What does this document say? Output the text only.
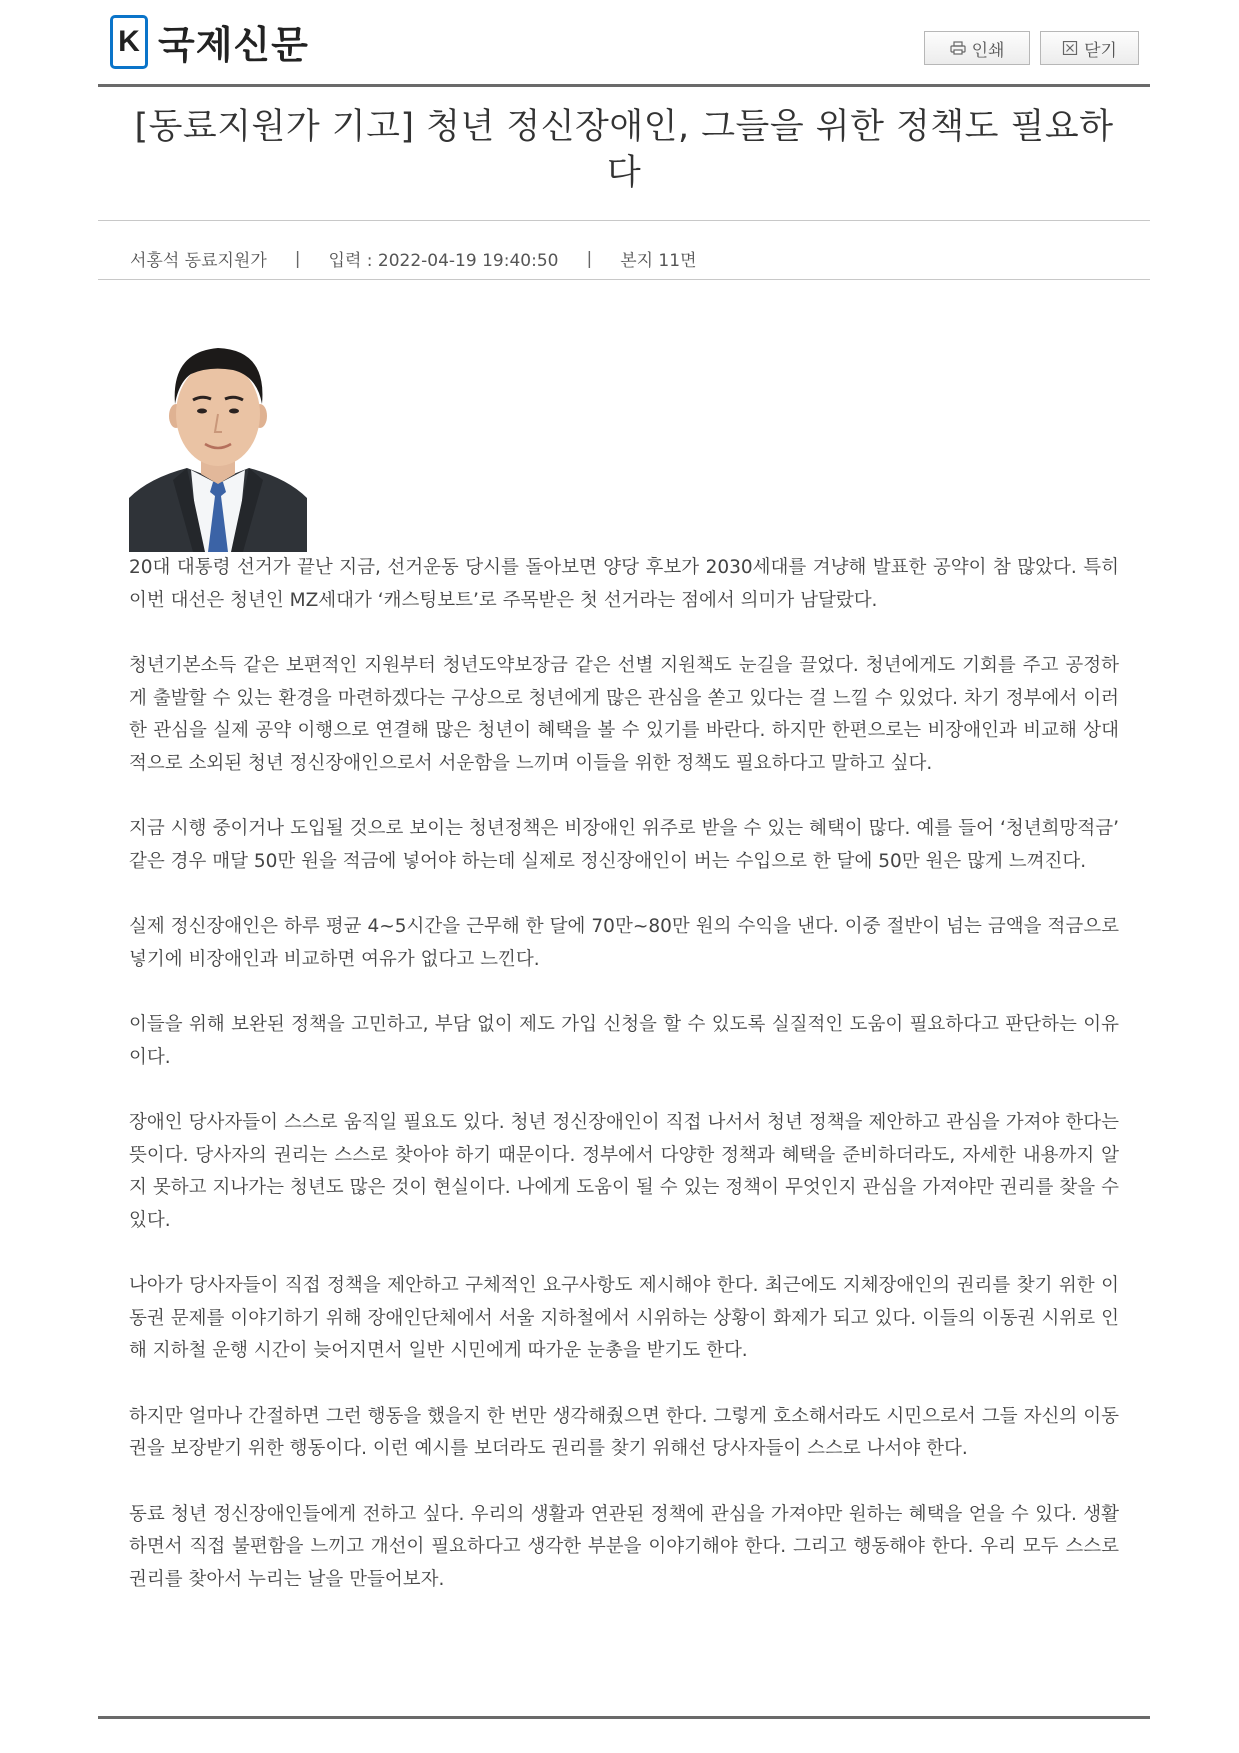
K 국제신문	인쇄	닫기
[동료지원가 기고] 청년 정신장애인, 그들을 위한 정책도 필요하다
서홍석 동료지원가 | 입력 : 2022-04-19 19:40:50 | 본지 11면

20대 대통령 선거가 끝난 지금, 선거운동 당시를 돌아보면 양당 후보가 2030세대를 겨냥해 발표한 공약이 참 많았다. 특히 이번 대선은 청년인 MZ세대가 ‘캐스팅보트’로 주목받은 첫 선거라는 점에서 의미가 남달랐다.

청년기본소득 같은 보편적인 지원부터 청년도약보장금 같은 선별 지원책도 눈길을 끌었다. 청년에게도 기회를 주고 공정하게 출발할 수 있는 환경을 마련하겠다는 구상으로 청년에게 많은 관심을 쏟고 있다는 걸 느낄 수 있었다. 차기 정부에서 이러한 관심을 실제 공약 이행으로 연결해 많은 청년이 혜택을 볼 수 있기를 바란다. 하지만 한편으로는 비장애인과 비교해 상대적으로 소외된 청년 정신장애인으로서 서운함을 느끼며 이들을 위한 정책도 필요하다고 말하고 싶다.

지금 시행 중이거나 도입될 것으로 보이는 청년정책은 비장애인 위주로 받을 수 있는 혜택이 많다. 예를 들어 ‘청년희망적금’ 같은 경우 매달 50만 원을 적금에 넣어야 하는데 실제로 정신장애인이 버는 수입으로 한 달에 50만 원은 많게 느껴진다.

실제 정신장애인은 하루 평균 4~5시간을 근무해 한 달에 70만~80만 원의 수익을 낸다. 이중 절반이 넘는 금액을 적금으로 넣기에 비장애인과 비교하면 여유가 없다고 느낀다.

이들을 위해 보완된 정책을 고민하고, 부담 없이 제도 가입 신청을 할 수 있도록 실질적인 도움이 필요하다고 판단하는 이유이다.

장애인 당사자들이 스스로 움직일 필요도 있다. 청년 정신장애인이 직접 나서서 청년 정책을 제안하고 관심을 가져야 한다는 뜻이다. 당사자의 권리는 스스로 찾아야 하기 때문이다. 정부에서 다양한 정책과 혜택을 준비하더라도, 자세한 내용까지 알지 못하고 지나가는 청년도 많은 것이 현실이다. 나에게 도움이 될 수 있는 정책이 무엇인지 관심을 가져야만 권리를 찾을 수 있다.

나아가 당사자들이 직접 정책을 제안하고 구체적인 요구사항도 제시해야 한다. 최근에도 지체장애인의 권리를 찾기 위한 이동권 문제를 이야기하기 위해 장애인단체에서 서울 지하철에서 시위하는 상황이 화제가 되고 있다. 이들의 이동권 시위로 인해 지하철 운행 시간이 늦어지면서 일반 시민에게 따가운 눈총을 받기도 한다.

하지만 얼마나 간절하면 그런 행동을 했을지 한 번만 생각해줬으면 한다. 그렇게 호소해서라도 시민으로서 그들 자신의 이동권을 보장받기 위한 행동이다. 이런 예시를 보더라도 권리를 찾기 위해선 당사자들이 스스로 나서야 한다.

동료 청년 정신장애인들에게 전하고 싶다. 우리의 생활과 연관된 정책에 관심을 가져야만 원하는 혜택을 얻을 수 있다. 생활하면서 직접 불편함을 느끼고 개선이 필요하다고 생각한 부분을 이야기해야 한다. 그리고 행동해야 한다. 우리 모두 스스로 권리를 찾아서 누리는 날을 만들어보자.
